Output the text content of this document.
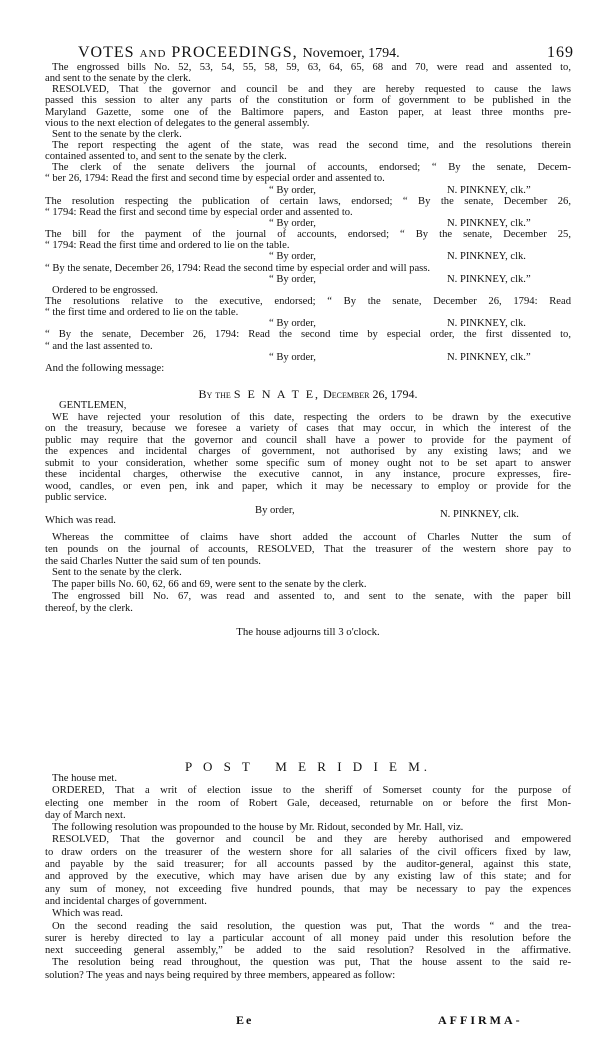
VOTES and PROCEEDINGS, Novemoer, 1794.	169
The engrossed bills No. 52, 53, 54, 55, 58, 59, 63, 64, 65, 68 and 70, were read and assented to,
and sent to the senate by the clerk.
RESOLVED, That the governor and council be and they are hereby requested to cause the laws
passed this session to alter any parts of the constitution or form of government to be published in the
Maryland Gazette, some one of the Baltimore papers, and Easton paper, at least three months pre-
vious to the next election of delegates to the general assembly.
Sent to the senate by the clerk.
The report respecting the agent of the state, was read the second time, and the resolutions therein
contained assented to, and sent to the senate by the clerk.
The clerk of the senate delivers the journal of accounts, endorsed; “ By the senate, Decem-
“ ber 26, 1794: Read the first and second time by especial order and assented to.
“ By order,	N. PINKNEY, clk.”
The resolution respecting the publication of certain laws, endorsed; “ By the senate, December 26,
“ 1794: Read the first and second time by especial order and assented to.
“ By order,	N. PINKNEY, clk.”
The bill for the payment of the journal of accounts, endorsed; “ By the senate, December 25,
“ 1794: Read the first time and ordered to lie on the table.
“ By order,	N. PINKNEY, clk.
“ By the senate, December 26, 1794: Read the second time by especial order and will pass.
“ By order,	N. PINKNEY, clk.”
Ordered to be engrossed.
The resolutions relative to the executive, endorsed; “ By the senate, December 26, 1794: Read
“ the first time and ordered to lie on the table.
“ By order,	N. PINKNEY, clk.
“ By the senate, December 26, 1794: Read the second time by especial order, the first dissented to,
“ and the last assented to.
“ By order,	N. PINKNEY, clk.”
And the following message:
By the S E N A T E, December 26, 1794.
GENTLEMEN,
WE have rejected your resolution of this date, respecting the orders to be drawn by the executive
on the treasury, because we foresee a variety of cases that may occur, in which the interest of the
public may require that the governor and council shall have a power to provide for the payment of
the expences and incidental charges of government, not authorised by any existing laws; and we
submit to your consideration, whether some specific sum of money ought not to be set apart to answer
these incidental charges, otherwise the executive cannot, in any instance, procure expresses, fire-
wood, candles, or even pen, ink and paper, which it may be necessary to employ or provide for the
public service.
By order,	N. PINKNEY, clk.
Which was read.
Whereas the committee of claims have short added the account of Charles Nutter the sum of
ten pounds on the journal of accounts, RESOLVED, That the treasurer of the western shore pay to
the said Charles Nutter the said sum of ten pounds.
Sent to the senate by the clerk.
The paper bills No. 60, 62, 66 and 69, were sent to the senate by the clerk.
The engrossed bill No. 67, was read and assented to, and sent to the senate, with the paper bill
thereof, by the clerk.
The house adjourns till 3 o'clock.
P O S T   M E R I D I E M.
The house met.
ORDERED, That a writ of election issue to the sheriff of Somerset county for the purpose of
electing one member in the room of Robert Gale, deceased, returnable on or before the first Mon-
day of March next.
The following resolution was propounded to the house by Mr. Ridout, seconded by Mr. Hall, viz.
RESOLVED, That the governor and council be and they are hereby authorised and empowered
to draw orders on the treasurer of the western shore for all salaries of the civil officers fixed by law,
and payable by the said treasurer; for all accounts passed by the auditor-general, against this state,
and approved by the executive, which may have arisen due by any existing law of this state; and for
any sum of money, not exceeding five hundred pounds, that may be necessary to pay the expences
and incidental charges of government.
Which was read.
On the second reading the said resolution, the question was put, That the words “ and the trea-
surer is hereby directed to lay a particular account of all money paid under this resolution before the
next succeeding general assembly,” be added to the said resolution? Resolved in the affirmative.
The resolution being read throughout, the question was put, That the house assent to the said re-
solution? The yeas and nays being required by three members, appeared as follow:
Ee	AFFIRMA-
